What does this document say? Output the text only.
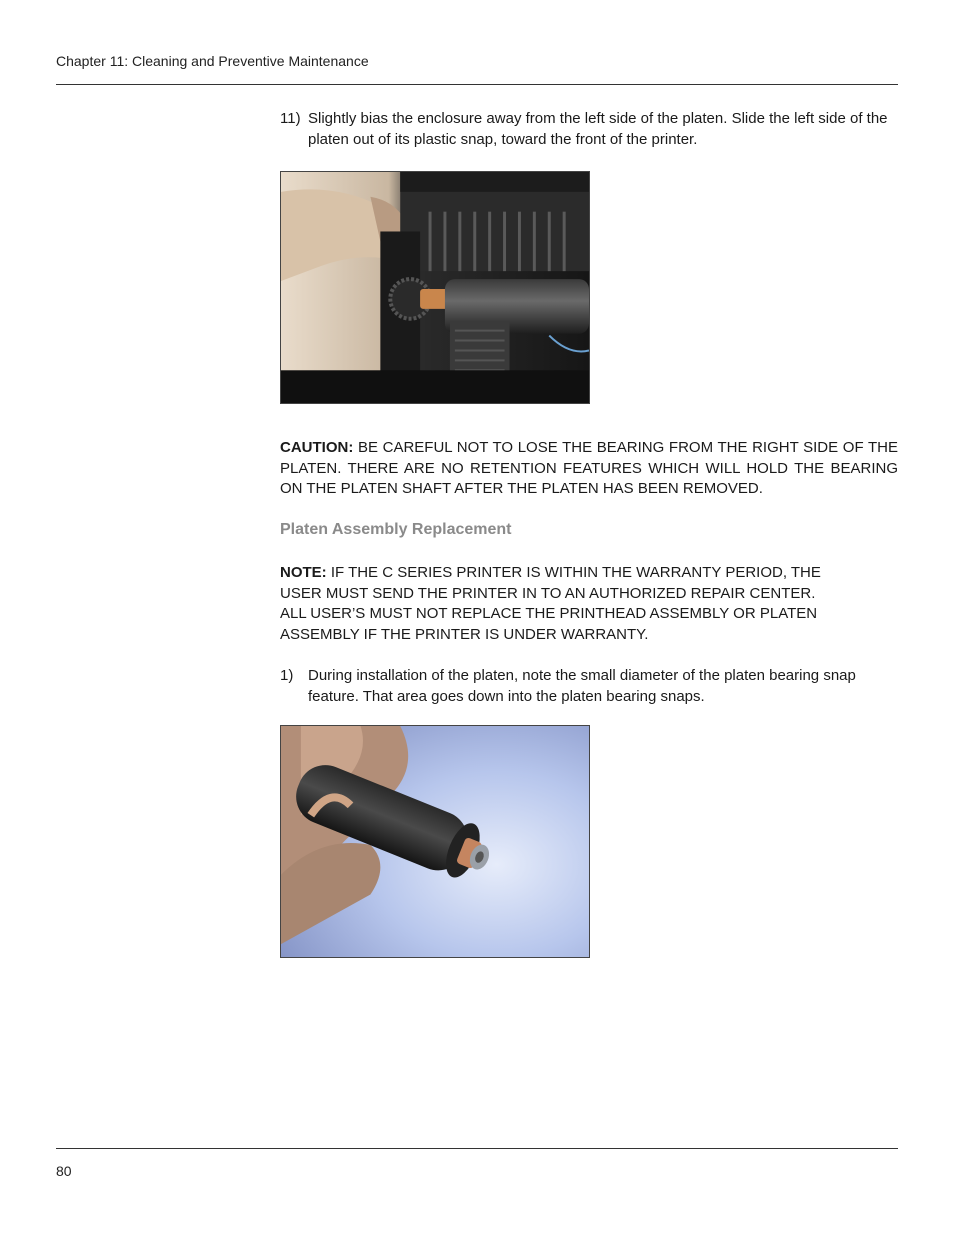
Chapter 11: Cleaning and Preventive Maintenance
11) Slightly bias the enclosure away from the left side of the platen. Slide the left side of the platen out of its plastic snap, toward the front of the printer.
CAUTION: BE CAREFUL NOT TO LOSE THE BEARING FROM THE RIGHT SIDE OF THE PLATEN. THERE ARE NO RETENTION FEATURES WHICH WILL HOLD THE BEARING ON THE PLATEN SHAFT AFTER THE PLATEN HAS BEEN REMOVED.
Platen Assembly Replacement
NOTE: IF THE C SERIES PRINTER IS WITHIN THE WARRANTY PERIOD, THE USER MUST SEND THE PRINTER IN TO AN AUTHORIZED REPAIR CENTER. ALL USER’S MUST NOT REPLACE THE PRINTHEAD ASSEMBLY OR PLATEN ASSEMBLY IF THE PRINTER IS UNDER WARRANTY.
1) During installation of the platen, note the small diameter of the platen bearing snap feature. That area goes down into the platen bearing snaps.
80
